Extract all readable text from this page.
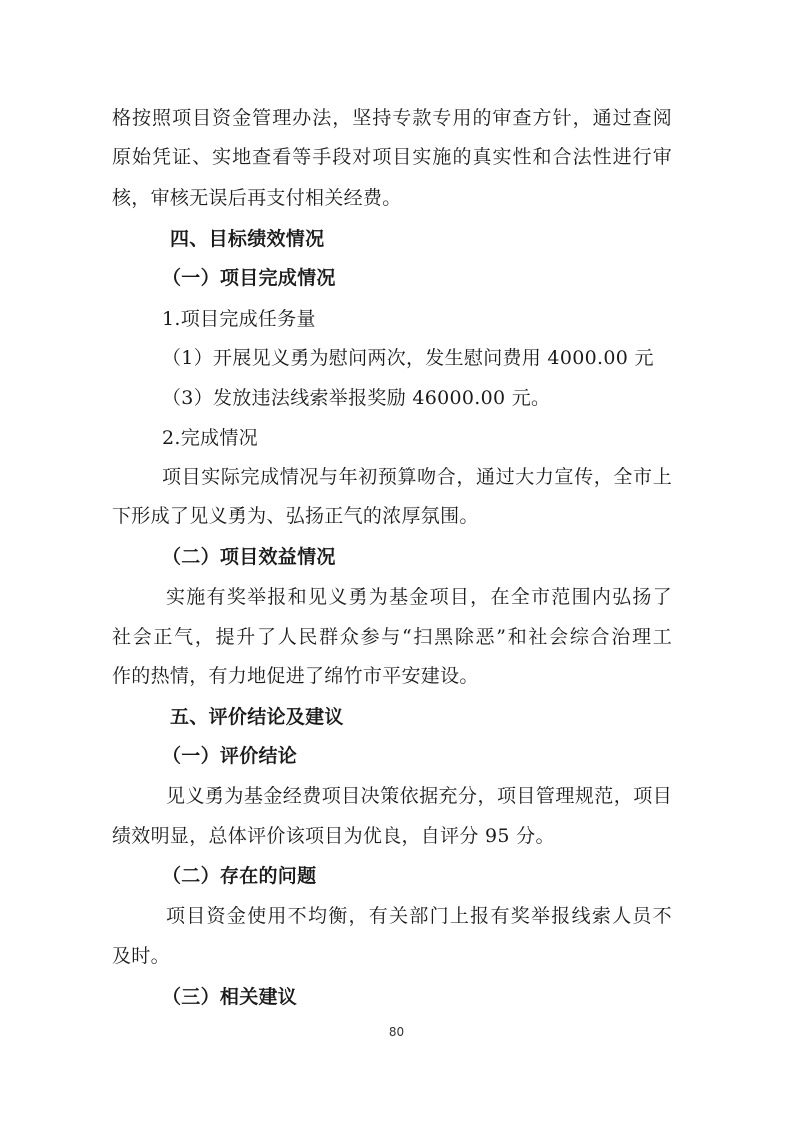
格按照项目资金管理办法，坚持专款专用的审查方针，通过查阅
原始凭证、实地查看等手段对项目实施的真实性和合法性进行审
核，审核无误后再支付相关经费。
四、目标绩效情况
（一）项目完成情况
1.项目完成任务量
（1）开展见义勇为慰问两次，发生慰问费用 4000.00 元
（3）发放违法线索举报奖励 46000.00 元。
2.完成情况
项目实际完成情况与年初预算吻合，通过大力宣传，全市上
下形成了见义勇为、弘扬正气的浓厚氛围。
（二）项目效益情况
实施有奖举报和见义勇为基金项目，在全市范围内弘扬了
社会正气，提升了人民群众参与“扫黑除恶”和社会综合治理工
作的热情，有力地促进了绵竹市平安建设。
五、评价结论及建议
（一）评价结论
见义勇为基金经费项目决策依据充分，项目管理规范，项目
绩效明显，总体评价该项目为优良，自评分 95 分。
（二）存在的问题
项目资金使用不均衡，有关部门上报有奖举报线索人员不
及时。
（三）相关建议
80
